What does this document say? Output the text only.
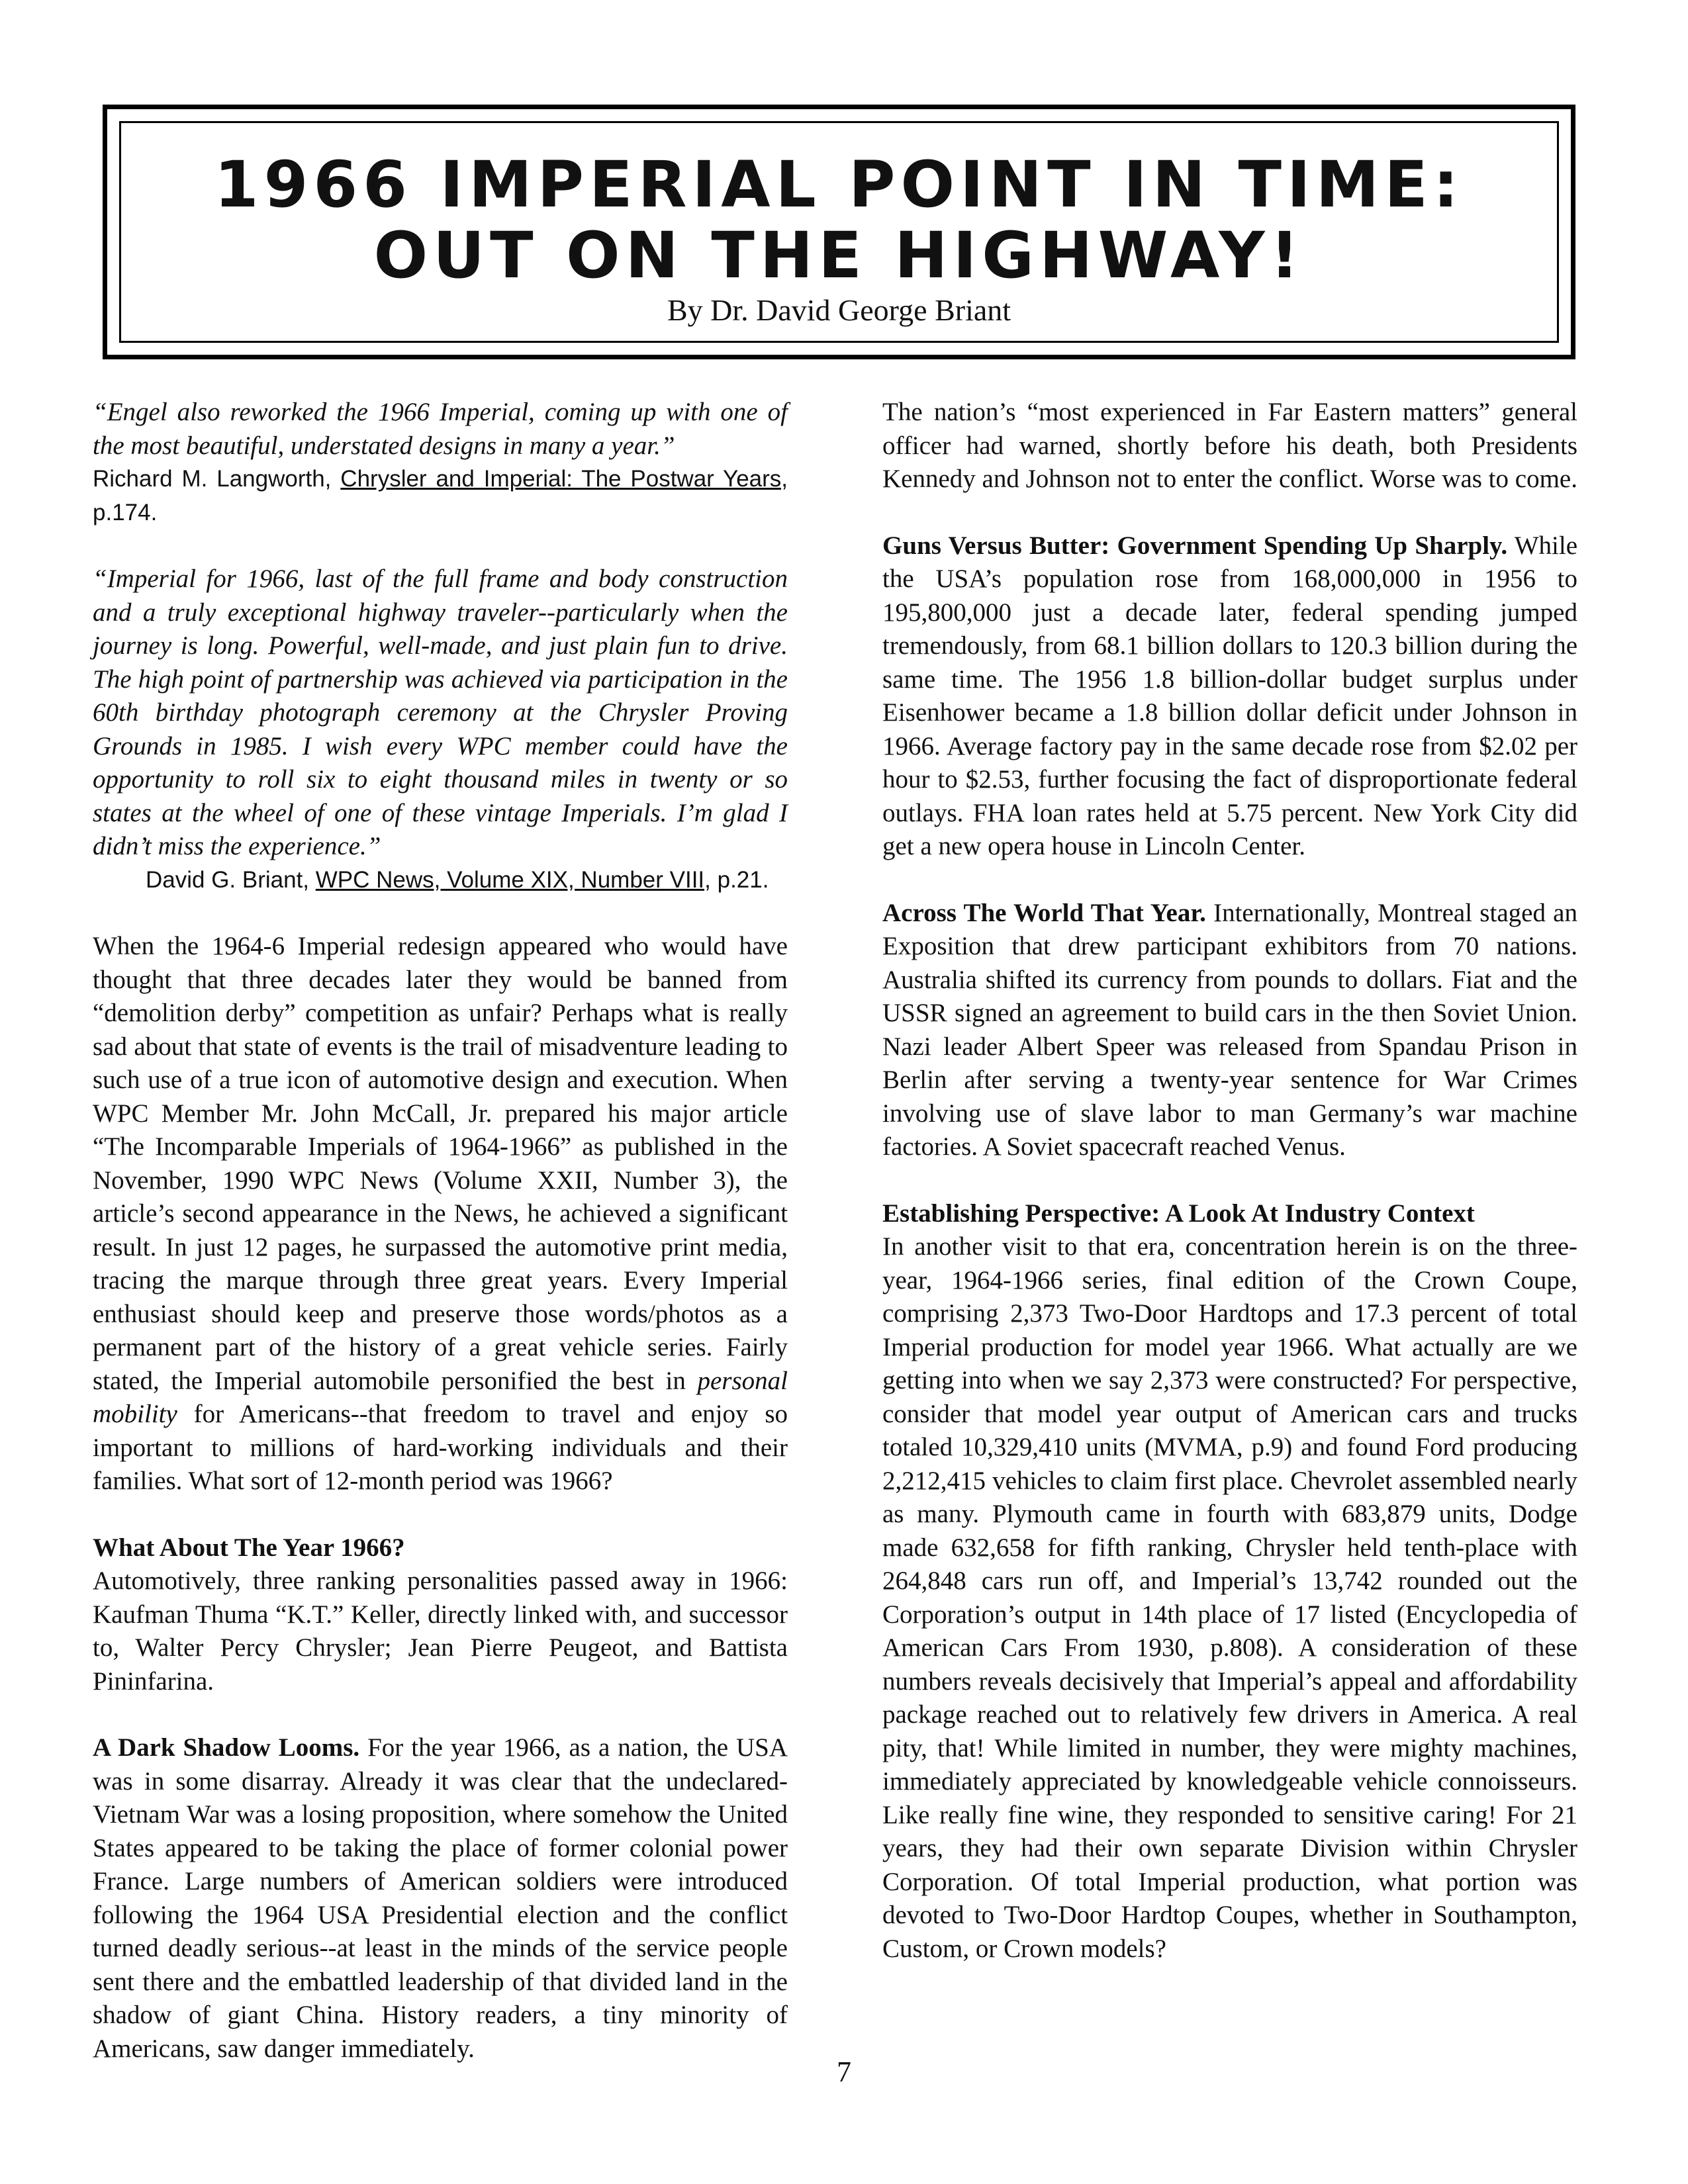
1966 IMPERIAL POINT IN TIME:
OUT ON THE HIGHWAY!
By Dr. David George Briant

“Engel also reworked the 1966 Imperial, coming up with one of the most beautiful, understated designs in many a year.”

Richard M. Langworth, Chrysler and Imperial: The Postwar Years, p.174.

“Imperial for 1966, last of the full frame and body construction and a truly exceptional highway traveler--particularly when the journey is long. Powerful, well-made, and just plain fun to drive. The high point of partnership was achieved via participation in the 60th birthday photograph ceremony at the Chrysler Proving Grounds in 1985. I wish every WPC member could have the opportunity to roll six to eight thousand miles in twenty or so states at the wheel of one of these vintage Imperials. I’m glad I didn’t miss the experience.”

David G. Briant, WPC News, Volume XIX, Number VIII, p.21.

When the 1964-6 Imperial redesign appeared who would have thought that three decades later they would be banned from “demolition derby” competition as unfair? Perhaps what is really sad about that state of events is the trail of misadventure leading to such use of a true icon of automotive design and execution. When WPC Member Mr. John McCall, Jr. prepared his major article “The Incomparable Imperials of 1964-1966” as published in the November, 1990 WPC News (Volume XXII, Number 3), the article’s second appearance in the News, he achieved a significant result. In just 12 pages, he surpassed the automotive print media, tracing the marque through three great years. Every Imperial enthusiast should keep and preserve those words/photos as a permanent part of the history of a great vehicle series. Fairly stated, the Imperial automobile personified the best in personal mobility for Americans--that freedom to travel and enjoy so important to millions of hard-working individuals and their families. What sort of 12-month period was 1966?

What About The Year 1966?

Automotively, three ranking personalities passed away in 1966: Kaufman Thuma “K.T.” Keller, directly linked with, and successor to, Walter Percy Chrysler; Jean Pierre Peugeot, and Battista Pininfarina.

A Dark Shadow Looms. For the year 1966, as a nation, the USA was in some disarray. Already it was clear that the undeclared-Vietnam War was a losing proposition, where somehow the United States appeared to be taking the place of former colonial power France. Large numbers of American soldiers were introduced following the 1964 USA Presidential election and the conflict turned deadly serious--at least in the minds of the service people sent there and the embattled leadership of that divided land in the shadow of giant China. History readers, a tiny minority of Americans, saw danger immediately.

The nation’s “most experienced in Far Eastern matters” general officer had warned, shortly before his death, both Presidents Kennedy and Johnson not to enter the conflict. Worse was to come.

Guns Versus Butter: Government Spending Up Sharply. While the USA’s population rose from 168,000,000 in 1956 to 195,800,000 just a decade later, federal spending jumped tremendously, from 68.1 billion dollars to 120.3 billion during the same time. The 1956 1.8 billion-dollar budget surplus under Eisenhower became a 1.8 billion dollar deficit under Johnson in 1966. Average factory pay in the same decade rose from $2.02 per hour to $2.53, further focusing the fact of disproportionate federal outlays. FHA loan rates held at 5.75 percent. New York City did get a new opera house in Lincoln Center.

Across The World That Year. Internationally, Montreal staged an Exposition that drew participant exhibitors from 70 nations. Australia shifted its currency from pounds to dollars. Fiat and the USSR signed an agreement to build cars in the then Soviet Union. Nazi leader Albert Speer was released from Spandau Prison in Berlin after serving a twenty-year sentence for War Crimes involving use of slave labor to man Germany’s war machine factories. A Soviet spacecraft reached Venus.

Establishing Perspective: A Look At Industry Context

In another visit to that era, concentration herein is on the three-year, 1964-1966 series, final edition of the Crown Coupe, comprising 2,373 Two-Door Hardtops and 17.3 percent of total Imperial production for model year 1966. What actually are we getting into when we say 2,373 were constructed? For perspective, consider that model year output of American cars and trucks totaled 10,329,410 units (MVMA, p.9) and found Ford producing 2,212,415 vehicles to claim first place. Chevrolet assembled nearly as many. Plymouth came in fourth with 683,879 units, Dodge made 632,658 for fifth ranking, Chrysler held tenth-place with 264,848 cars run off, and Imperial’s 13,742 rounded out the Corporation’s output in 14th place of 17 listed (Encyclopedia of American Cars From 1930, p.808). A consideration of these numbers reveals decisively that Imperial’s appeal and affordability package reached out to relatively few drivers in America. A real pity, that! While limited in number, they were mighty machines, immediately appreciated by knowledgeable vehicle connoisseurs. Like really fine wine, they responded to sensitive caring! For 21 years, they had their own separate Division within Chrysler Corporation. Of total Imperial production, what portion was devoted to Two-Door Hardtop Coupes, whether in Southampton, Custom, or Crown models?

7
